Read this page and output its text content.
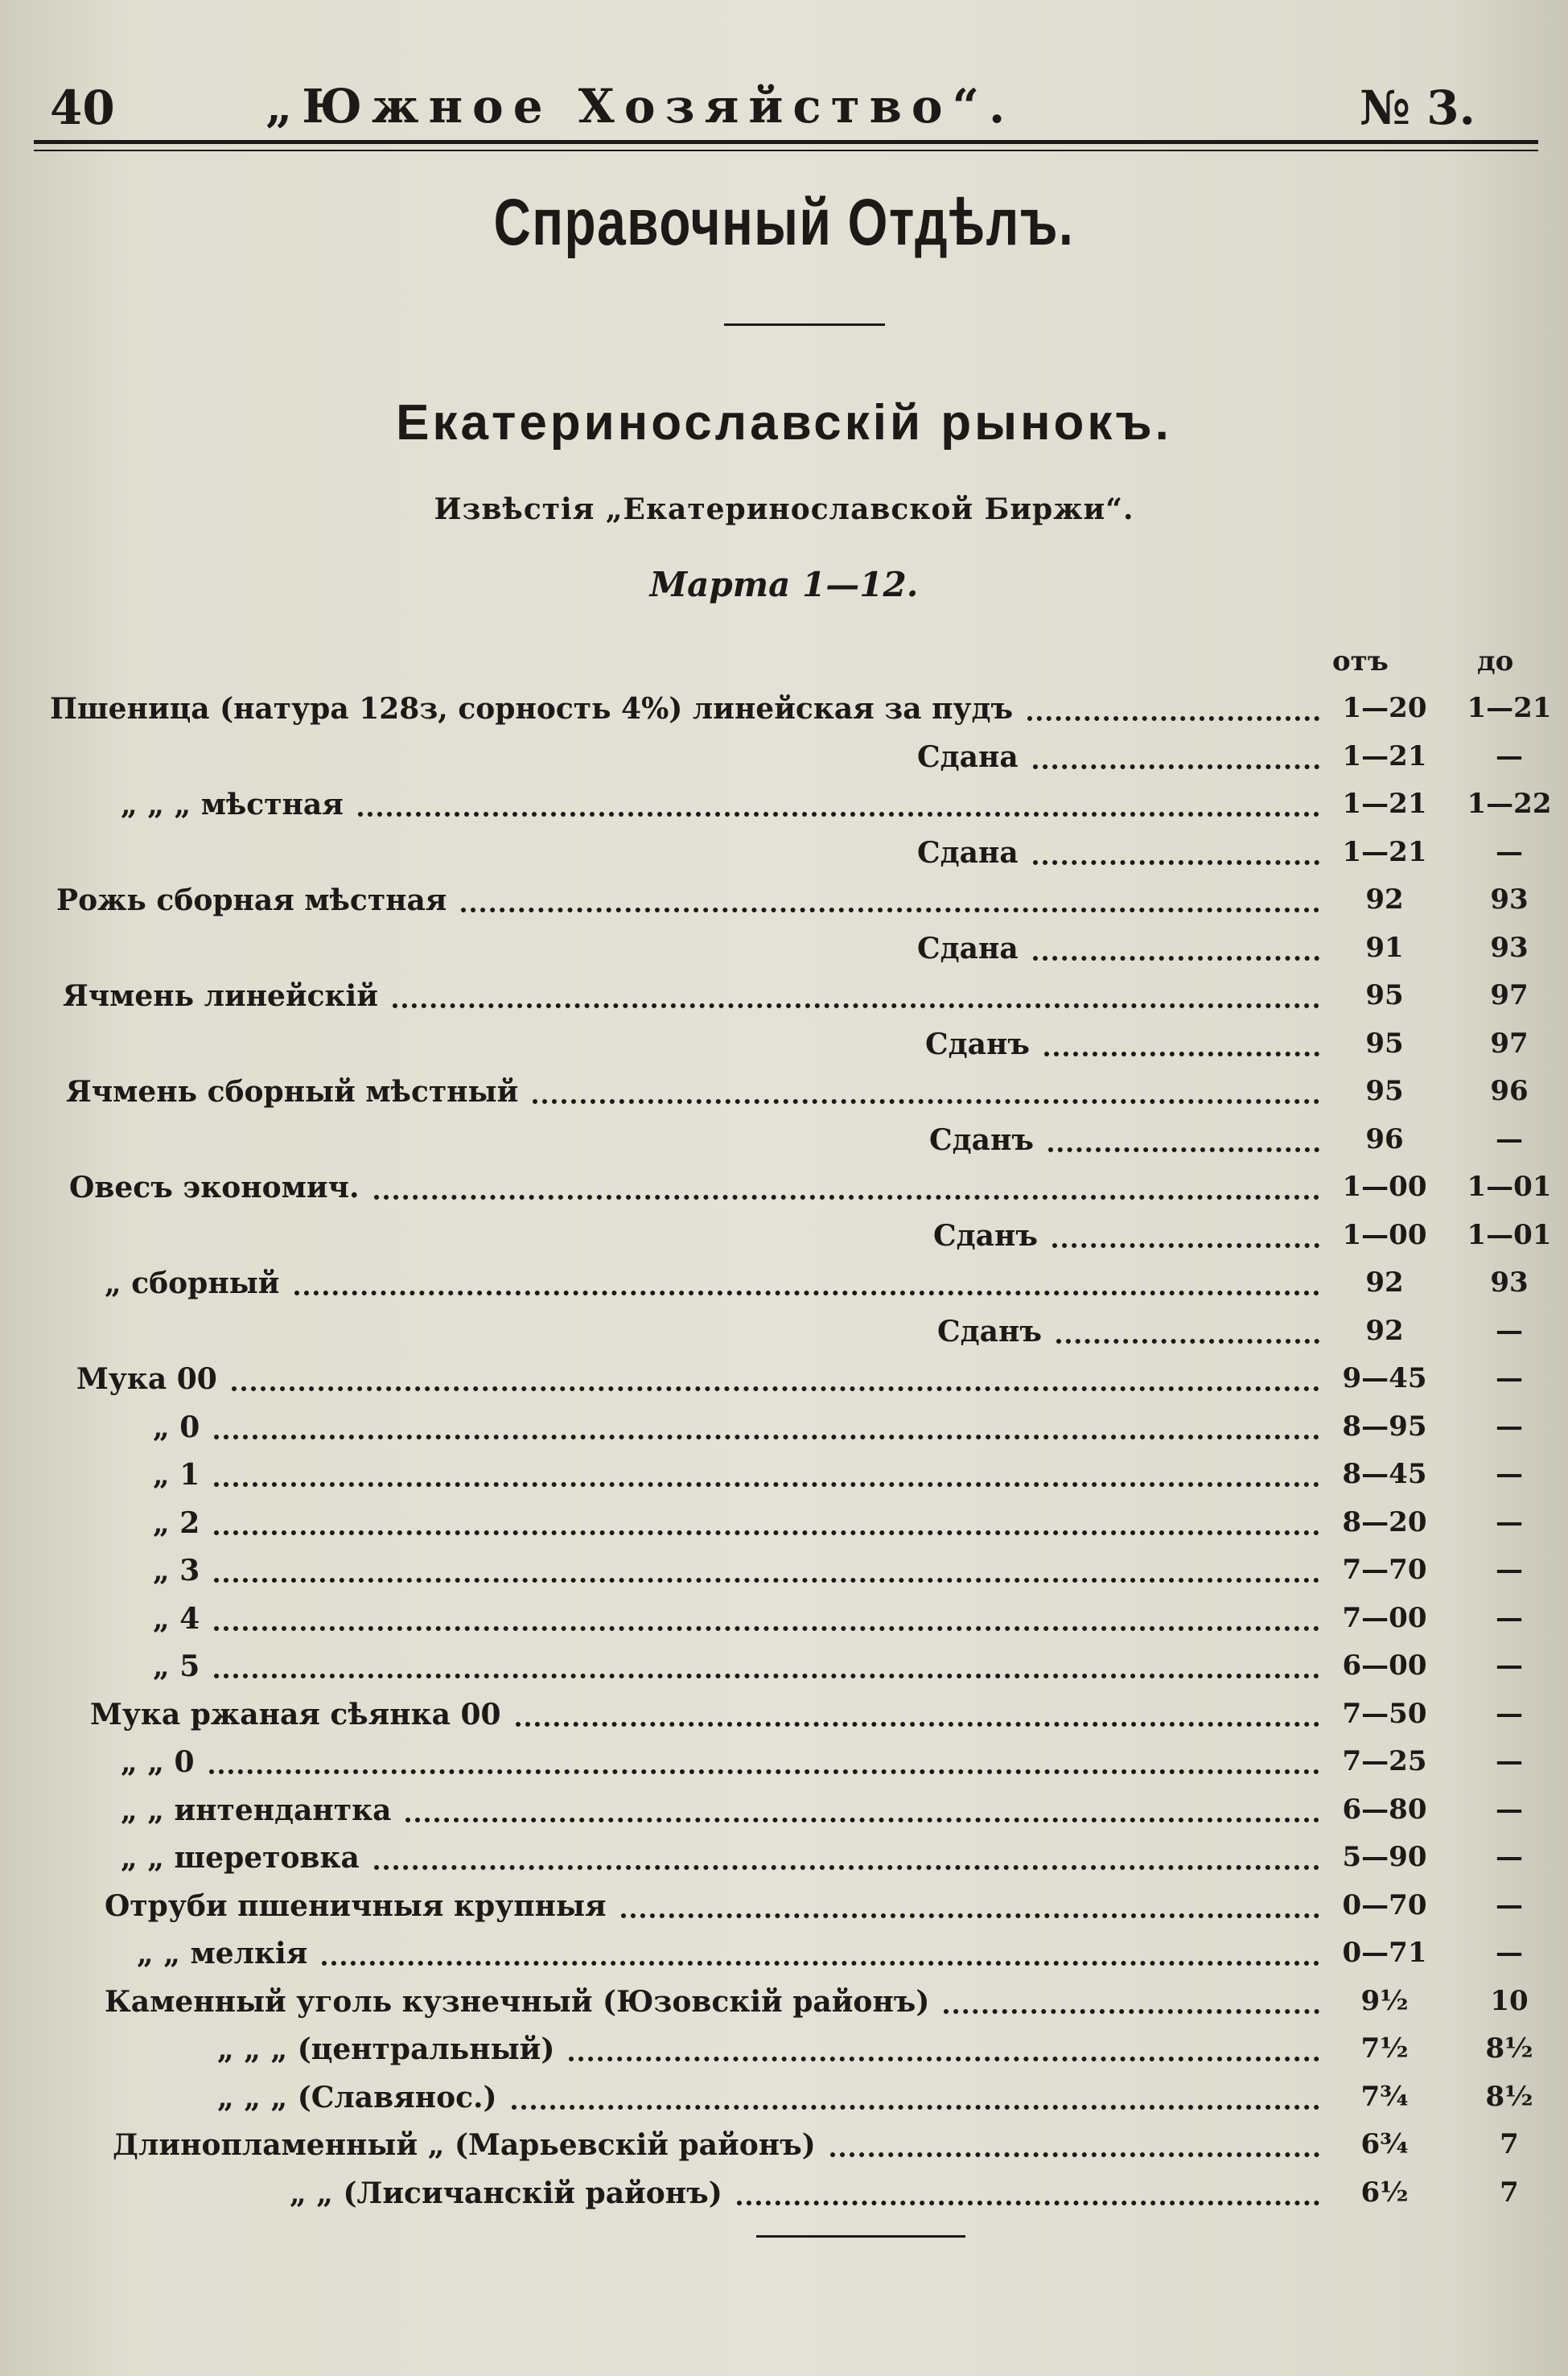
40	„Южное Хозяйство“.	№ 3.
Справочный Отдѣлъ.
Екатеринославскій рынокъ.
Извѣстія „Екатеринославской Биржи“.
Марта 1—12.
отъ	до
Пшеница (натура 128з, сорность 4%) линейская за пудъ	1—20	1—21
Сдана	1—21	—
„ „ „ мѣстная	1—21	1—22
Сдана	1—21	—
Рожь сборная мѣстная	92	93
Сдана	91	93
Ячмень линейскій	95	97
Сданъ	95	97
Ячмень сборный мѣстный	95	96
Сданъ	96	—
Овесъ экономич.	1—00	1—01
Сданъ	1—00	1—01
„ сборный	92	93
Сданъ	92	—
Мука 00	9—45	—
„ 0	8—95	—
„ 1	8—45	—
„ 2	8—20	—
„ 3	7—70	—
„ 4	7—00	—
„ 5	6—00	—
Мука ржаная сѣянка 00	7—50	—
„ „ 0	7—25	—
„ „ интендантка	6—80	—
„ „ шеретовка	5—90	—
Отруби пшеничныя крупныя	0—70	—
„ „ мелкія	0—71	—
Каменный уголь кузнечный (Юзовскій районъ)	9½	10
„ „ „ (центральный)	7½	8½
„ „ „ (Славянос.)	7¾	8½
Длинопламенный „ (Марьевскій районъ)	6¾	7
„ „ (Лисичанскій районъ)	6½	7
